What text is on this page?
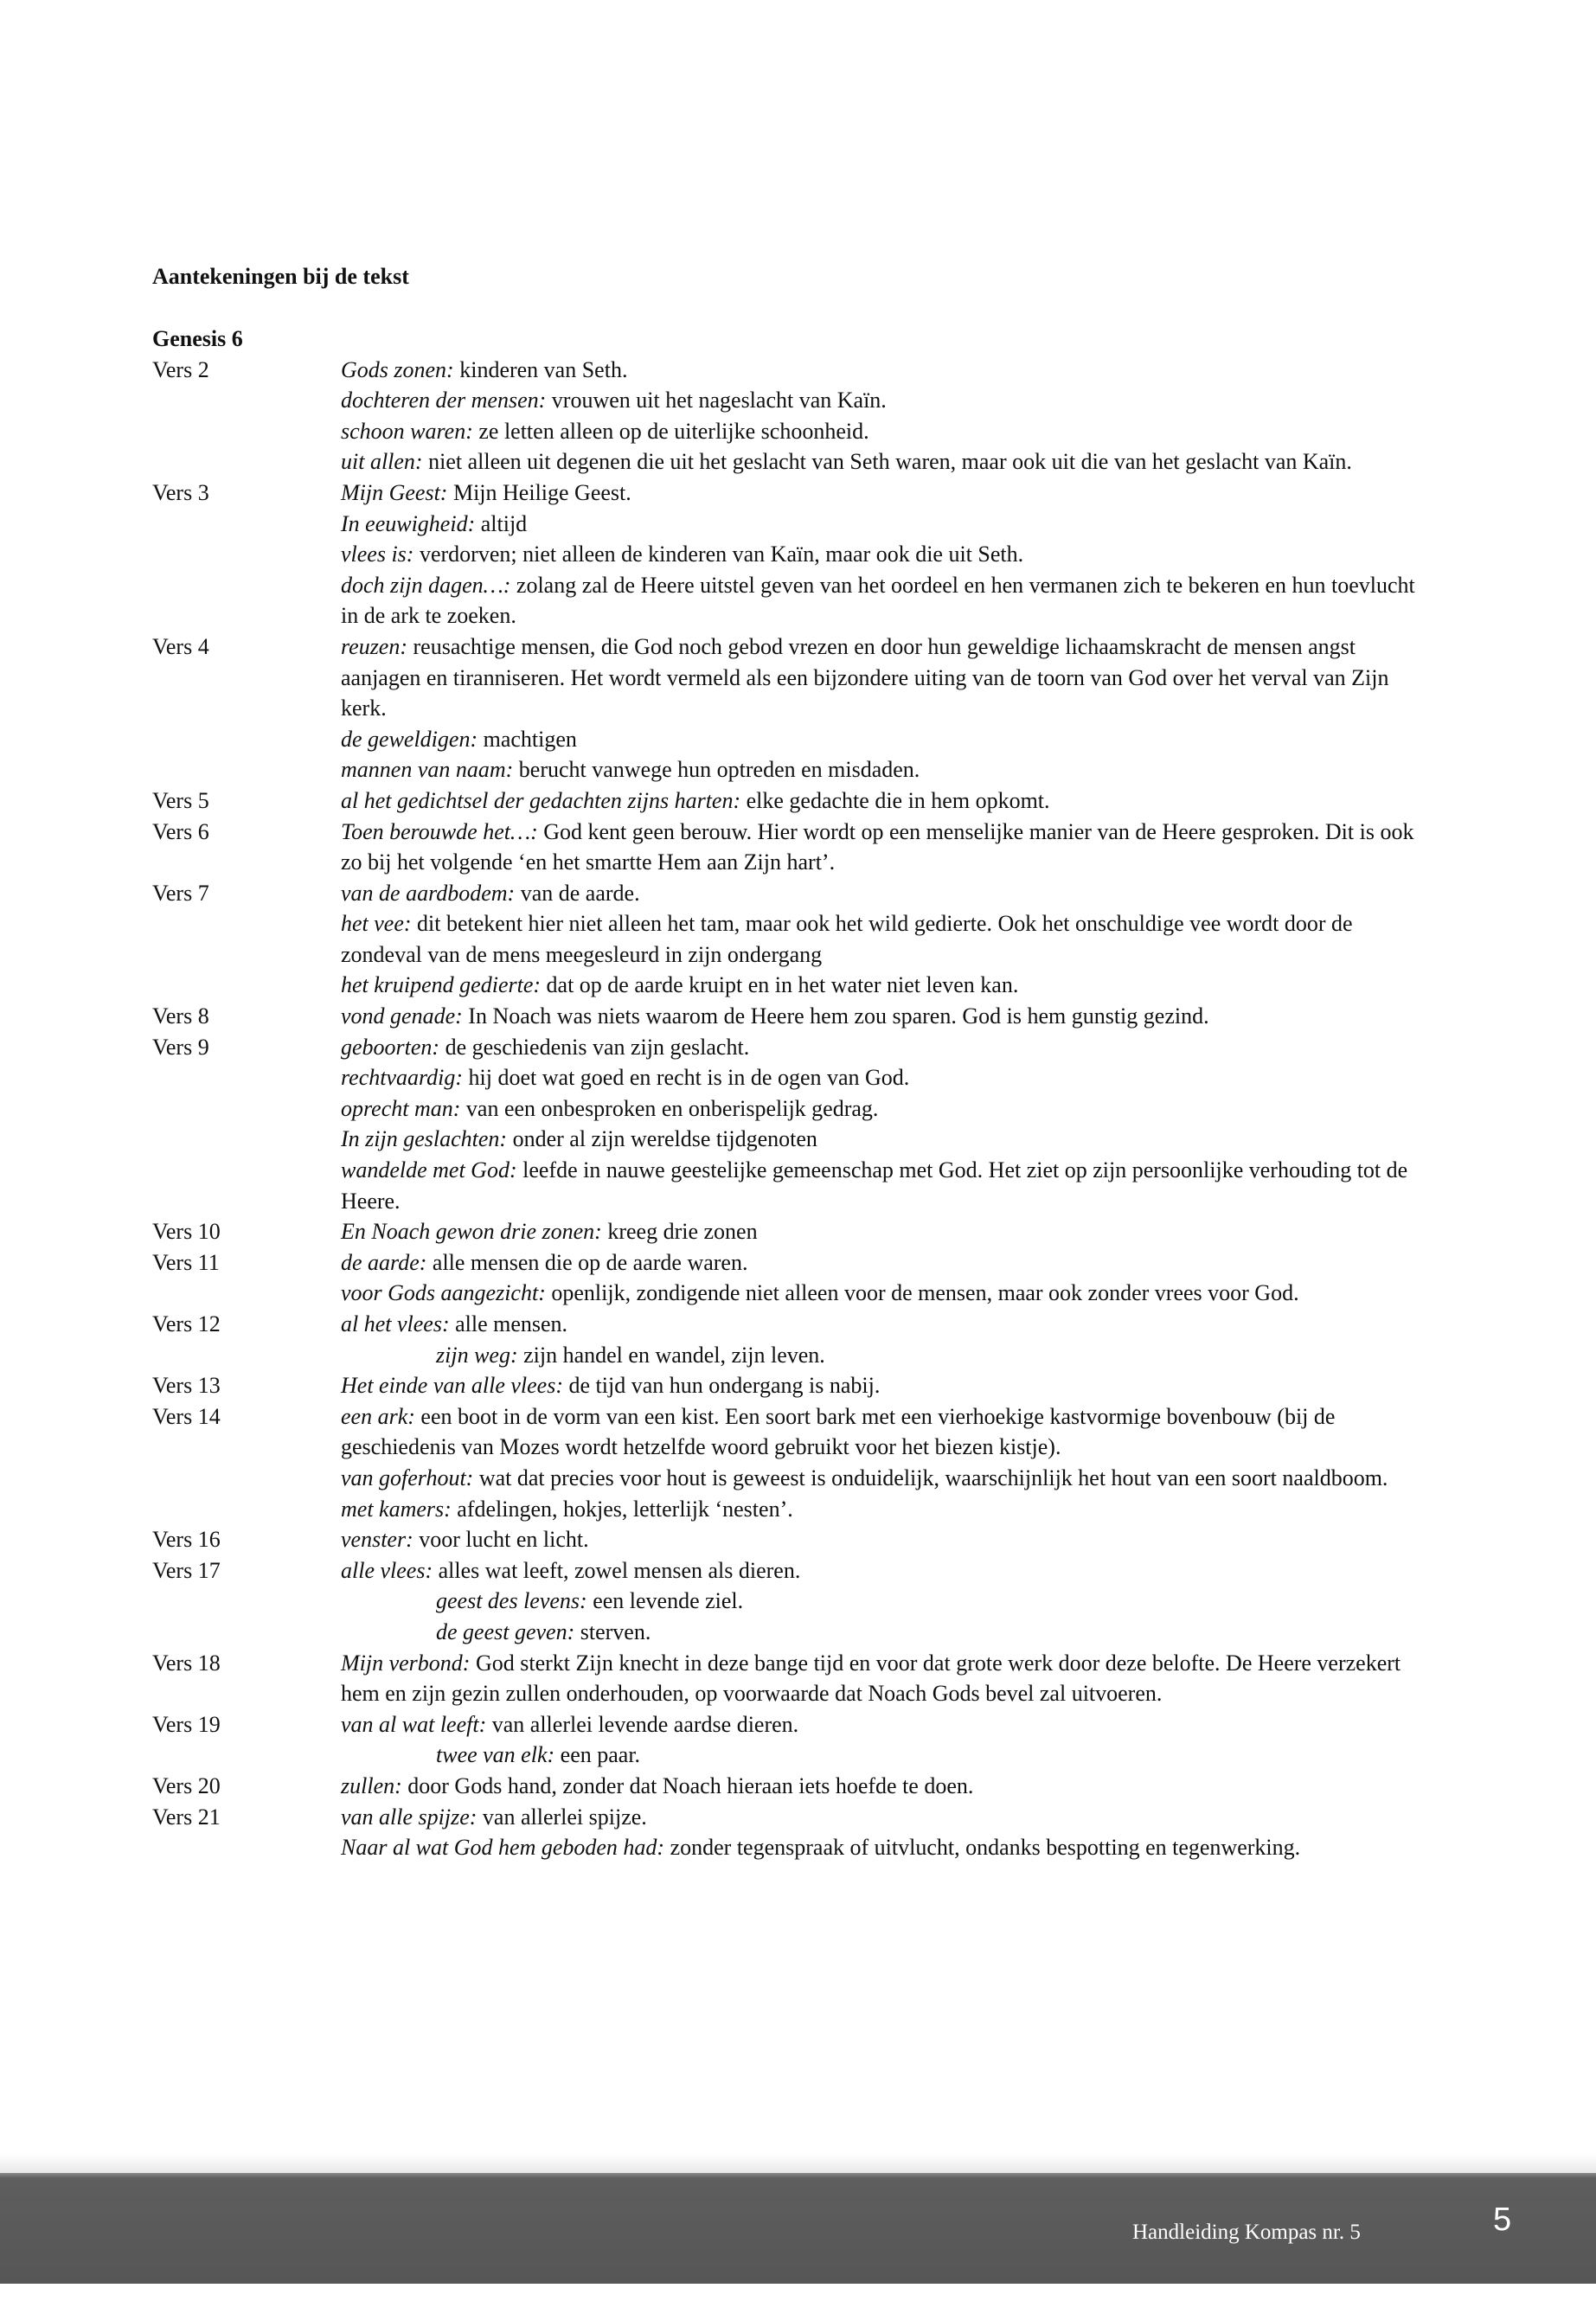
Aantekeningen bij de tekst
Genesis 6
Vers 2	Gods zonen: kinderen van Seth.

dochteren der mensen: vrouwen uit het nageslacht van Kaïn.

schoon waren: ze letten alleen op de uiterlijke schoonheid.

uit allen: niet alleen uit degenen die uit het geslacht van Seth waren, maar ook uit die van het geslacht van Kaïn.

Vers 3	Mijn Geest: Mijn Heilige Geest.

In eeuwigheid: altijd

vlees is: verdorven; niet alleen de kinderen van Kaïn, maar ook die uit Seth.

doch zijn dagen…: zolang zal de Heere uitstel geven van het oordeel en hen vermanen zich te bekeren en hun toevlucht in de ark te zoeken.

Vers 4	reuzen: reusachtige mensen, die God noch gebod vrezen en door hun geweldige lichaamskracht de mensen angst aanjagen en tiranniseren. Het wordt vermeld als een bijzondere uiting van de toorn van God over het verval van Zijn kerk.

de geweldigen: machtigen

mannen van naam: berucht vanwege hun optreden en misdaden.

Vers 5	al het gedichtsel der gedachten zijns harten: elke gedachte die in hem opkomt.

Vers 6	Toen berouwde het…: God kent geen berouw. Hier wordt op een menselijke manier van de Heere gesproken. Dit is ook zo bij het volgende ‘en het smartte Hem aan Zijn hart’.

Vers 7	van de aardbodem: van de aarde.

het vee: dit betekent hier niet alleen het tam, maar ook het wild gedierte. Ook het onschuldige vee wordt door de zondeval van de mens meegesleurd in zijn ondergang

het kruipend gedierte: dat op de aarde kruipt en in het water niet leven kan.

Vers 8	vond genade: In Noach was niets waarom de Heere hem zou sparen. God is hem gunstig gezind.

Vers 9	geboorten: de geschiedenis van zijn geslacht.

rechtvaardig: hij doet wat goed en recht is in de ogen van God.

oprecht man: van een onbesproken en onberispelijk gedrag.

In zijn geslachten: onder al zijn wereldse tijdgenoten

wandelde met God: leefde in nauwe geestelijke gemeenschap met God. Het ziet op zijn persoonlijke verhouding tot de Heere.

Vers 10	En Noach gewon drie zonen: kreeg drie zonen

Vers 11	de aarde: alle mensen die op de aarde waren.

voor Gods aangezicht: openlijk, zondigende niet alleen voor de mensen, maar ook zonder vrees voor God.

Vers 12	al het vlees: alle mensen.

zijn weg: zijn handel en wandel, zijn leven.

Vers 13	Het einde van alle vlees: de tijd van hun ondergang is nabij.

Vers 14	een ark: een boot in de vorm van een kist. Een soort bark met een vierhoekige kastvormige bovenbouw (bij de geschiedenis van Mozes wordt hetzelfde woord gebruikt voor het biezen kistje).

van goferhout: wat dat precies voor hout is geweest is onduidelijk, waarschijnlijk het hout van een soort naaldboom.

met kamers: afdelingen, hokjes, letterlijk ‘nesten’.

Vers 16	venster: voor lucht en licht.

Vers 17	alle vlees: alles wat leeft, zowel mensen als dieren.

geest des levens: een levende ziel.

de geest geven: sterven.

Vers 18	Mijn verbond: God sterkt Zijn knecht in deze bange tijd en voor dat grote werk door deze belofte. De Heere verzekert hem en zijn gezin zullen onderhouden, op voorwaarde dat Noach Gods bevel zal uitvoeren.

Vers 19	van al wat leeft: van allerlei levende aardse dieren.

twee van elk: een paar.

Vers 20	zullen: door Gods hand, zonder dat Noach hieraan iets hoefde te doen.

Vers 21	van alle spijze: van allerlei spijze.

Naar al wat God hem geboden had: zonder tegenspraak of uitvlucht, ondanks bespotting en tegenwerking.

Handleiding Kompas nr. 5	5
